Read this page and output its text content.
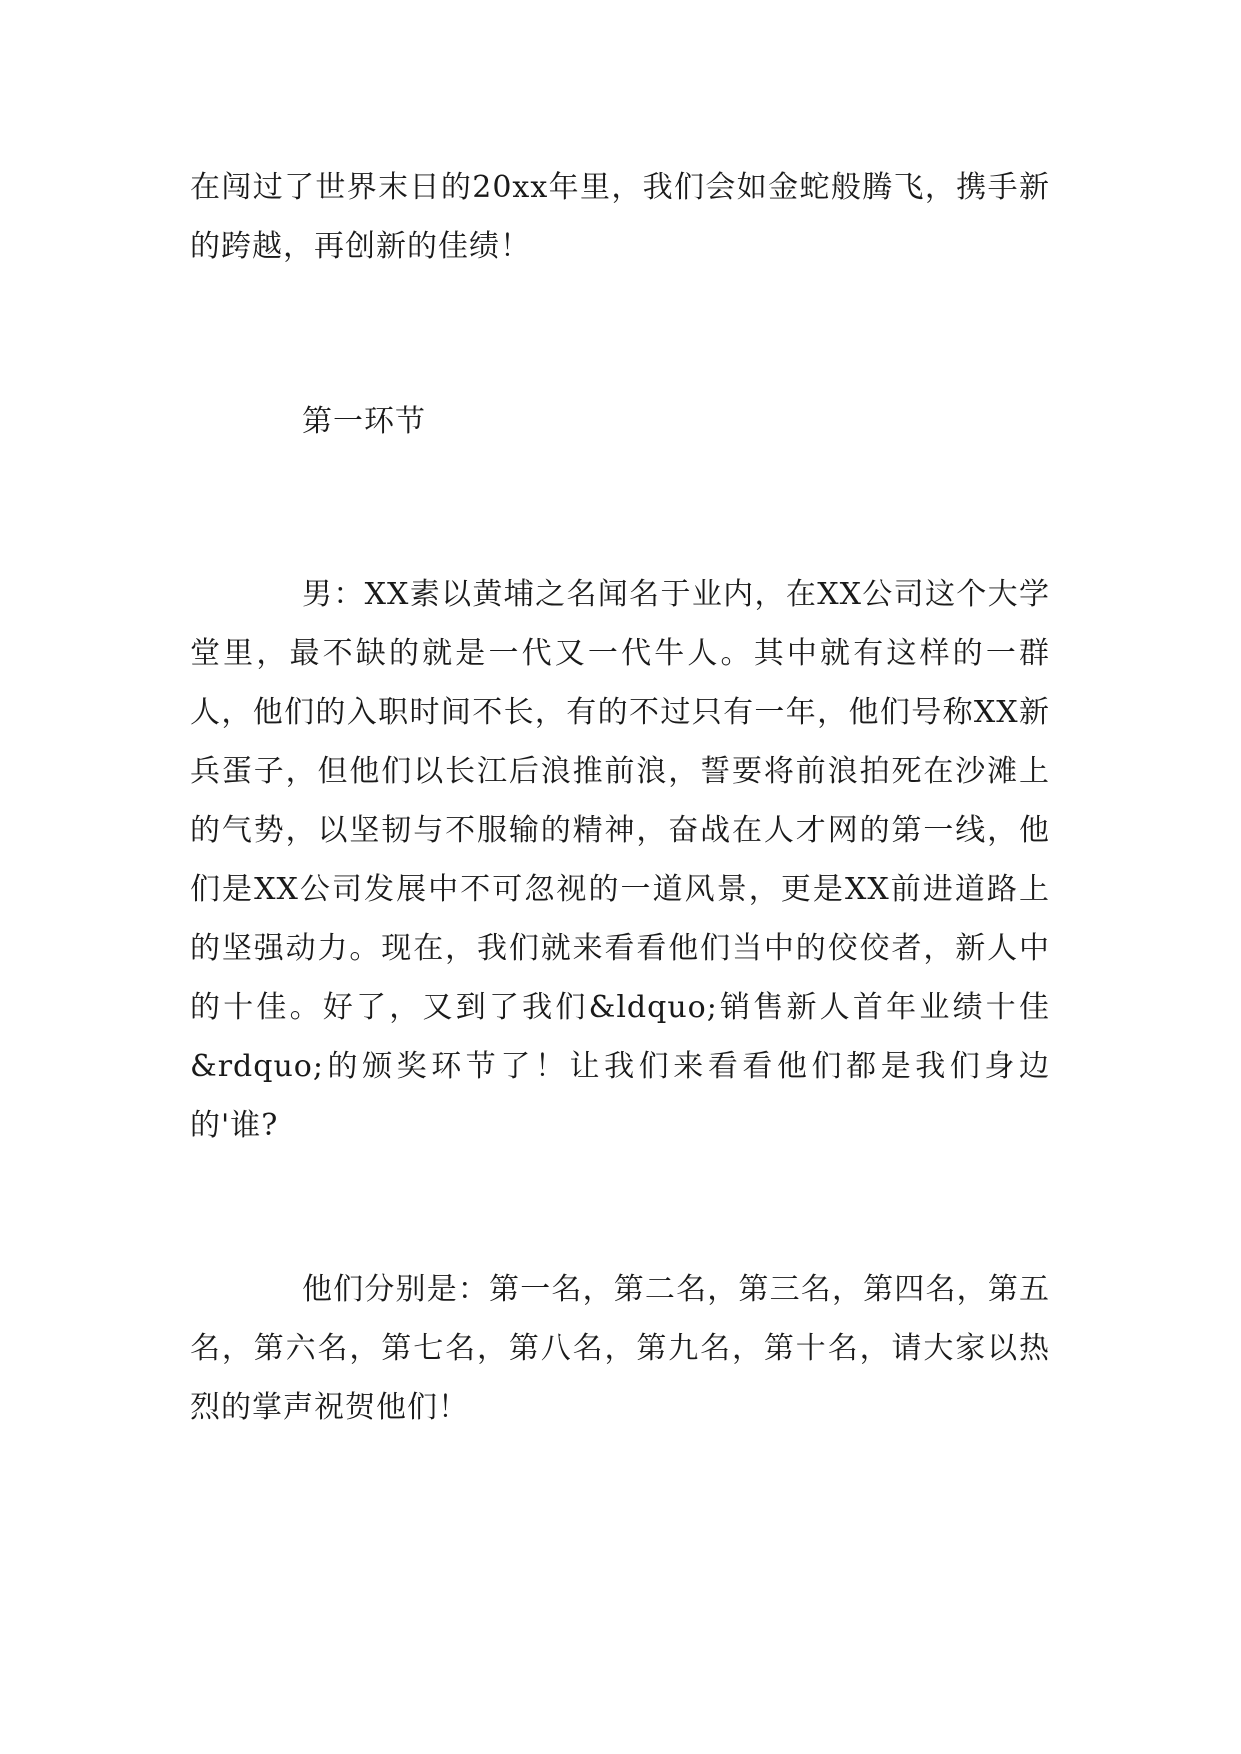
在闯过了世界末日的20xx年里，我们会如金蛇般腾飞，携手新的跨越，再创新的佳绩！

第一环节

男：XX素以黄埔之名闻名于业内，在XX公司这个大学堂里，最不缺的就是一代又一代牛人。其中就有这样的一群人，他们的入职时间不长，有的不过只有一年，他们号称XX新兵蛋子，但他们以长江后浪推前浪，誓要将前浪拍死在沙滩上的气势，以坚韧与不服输的精神，奋战在人才网的第一线，他们是XX公司发展中不可忽视的一道风景，更是XX前进道路上的坚强动力。现在，我们就来看看他们当中的佼佼者，新人中的十佳。好了，又到了我们&ldquo;销售新人首年业绩十佳&rdquo;的颁奖环节了！让我们来看看他们都是我们身边的'谁?

他们分别是：第一名，第二名，第三名，第四名，第五名，第六名，第七名，第八名，第九名，第十名，请大家以热烈的掌声祝贺他们！
